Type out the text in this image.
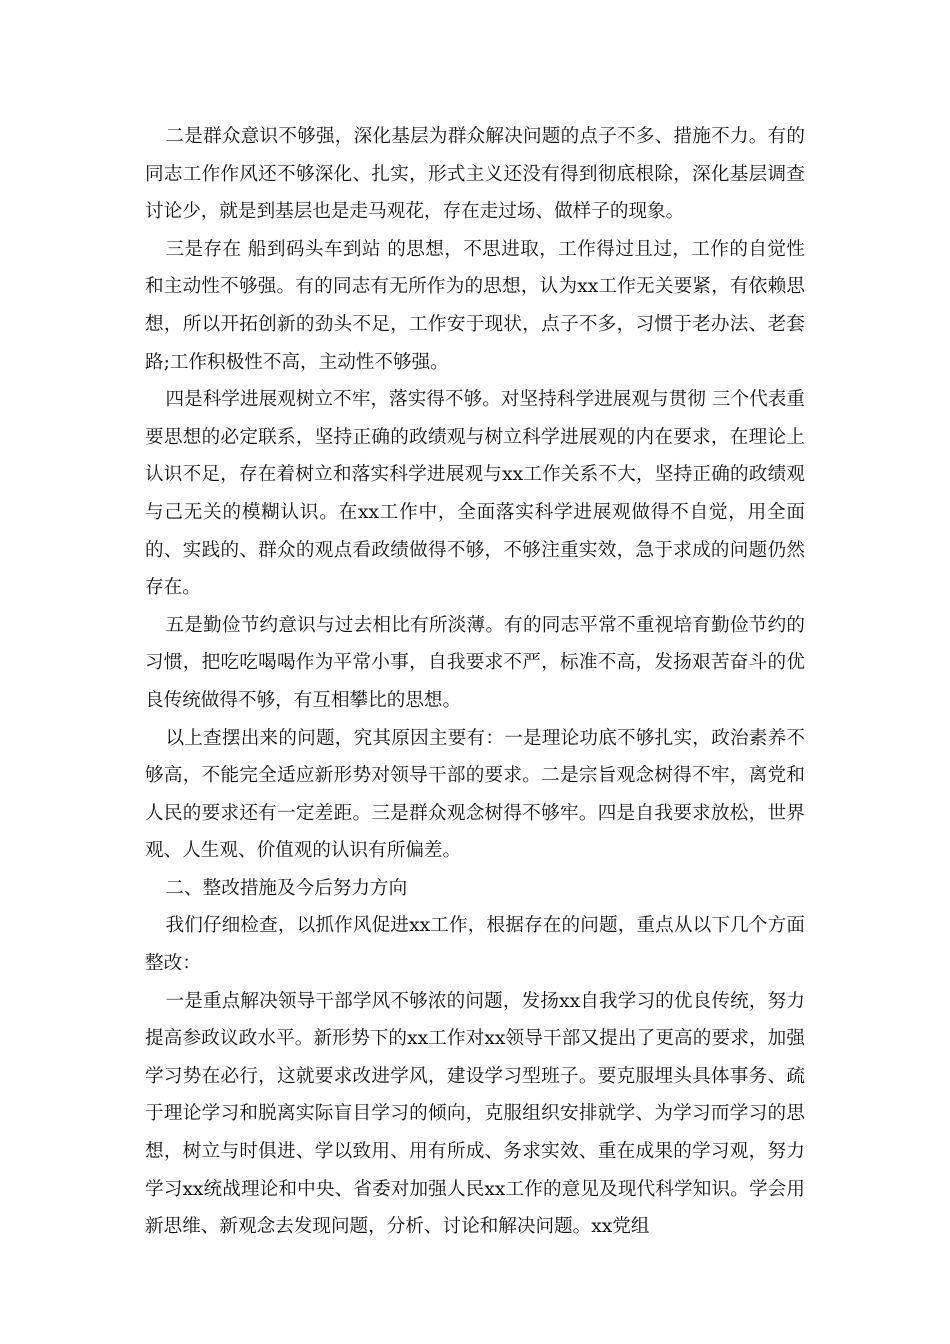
二是群众意识不够强，深化基层为群众解决问题的点子不多、措施不力。有的同志工作作风还不够深化、扎实，形式主义还没有得到彻底根除，深化基层调查讨论少，就是到基层也是走马观花，存在走过场、做样子的现象。

三是存在 船到码头车到站 的思想，不思进取，工作得过且过，工作的自觉性和主动性不够强。有的同志有无所作为的思想，认为xx工作无关要紧，有依赖思想，所以开拓创新的劲头不足，工作安于现状，点子不多，习惯于老办法、老套路;工作积极性不高，主动性不够强。

四是科学进展观树立不牢，落实得不够。对坚持科学进展观与贯彻 三个代表重要思想的必定联系，坚持正确的政绩观与树立科学进展观的内在要求，在理论上认识不足，存在着树立和落实科学进展观与xx工作关系不大，坚持正确的政绩观与己无关的模糊认识。在xx工作中，全面落实科学进展观做得不自觉，用全面的、实践的、群众的观点看政绩做得不够，不够注重实效，急于求成的问题仍然存在。

五是勤俭节约意识与过去相比有所淡薄。有的同志平常不重视培育勤俭节约的习惯，把吃吃喝喝作为平常小事，自我要求不严，标准不高，发扬艰苦奋斗的优良传统做得不够，有互相攀比的思想。

以上查摆出来的问题，究其原因主要有：一是理论功底不够扎实，政治素养不够高，不能完全适应新形势对领导干部的要求。二是宗旨观念树得不牢，离党和人民的要求还有一定差距。三是群众观念树得不够牢。四是自我要求放松，世界观、人生观、价值观的认识有所偏差。

二、整改措施及今后努力方向

我们仔细检查，以抓作风促进xx工作，根据存在的问题，重点从以下几个方面整改：

一是重点解决领导干部学风不够浓的问题，发扬xx自我学习的优良传统，努力提高参政议政水平。新形势下的xx工作对xx领导干部又提出了更高的要求，加强学习势在必行，这就要求改进学风，建设学习型班子。要克服埋头具体事务、疏于理论学习和脱离实际盲目学习的倾向，克服组织安排就学、为学习而学习的思想，树立与时俱进、学以致用、用有所成、务求实效、重在成果的学习观，努力学习xx统战理论和中央、省委对加强人民xx工作的意见及现代科学知识。学会用新思维、新观念去发现问题，分析、讨论和解决问题。xx党组
